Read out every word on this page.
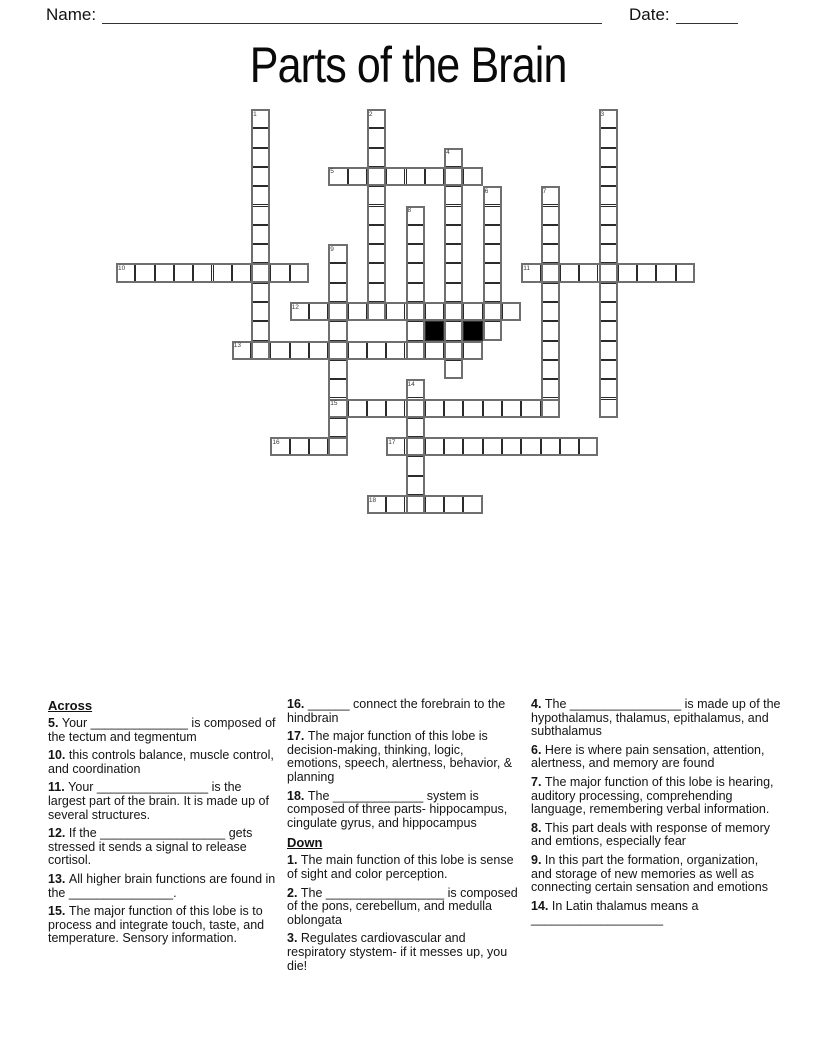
Name:	Date:
Parts of the Brain
1	2	3
4
5
6	7
8
9
10	11
12
13
14
15
16	17
18
Across
5. Your ______________ is composed of the tectum and tegmentum
10. this controls balance, muscle control, and coordination
11. Your ________________ is the largest part of the brain. It is made up of several structures.
12. If the __________________ gets stressed it sends a signal to release cortisol.
13. All higher brain functions are found in the _______________.
15. The major function of this lobe is to process and integrate touch, taste, and temperature. Sensory information.
16. ______ connect the forebrain to the hindbrain
17. The major function of this lobe is decision-making, thinking, logic, emotions, speech, alertness, behavior, & planning
18. The _____________ system is composed of three parts- hippocampus, cingulate gyrus, and hippocampus
Down
1. The main function of this lobe is sense of sight and color perception.
2. The _________________ is composed of the pons, cerebellum, and medulla oblongata
3. Regulates cardiovascular and respiratory stystem- if it messes up, you die!
4. The ________________ is made up of the hypothalamus, thalamus, epithalamus, and subthalamus
6. Here is where pain sensation, attention, alertness, and memory are found
7. The major function of this lobe is hearing, auditory processing, comprehending language, remembering verbal information.
8. This part deals with response of memory and emtions, especially fear
9. In this part the formation, organization, and storage of new memories as well as connecting certain sensation and emotions
14. In Latin thalamus means a ___________________
